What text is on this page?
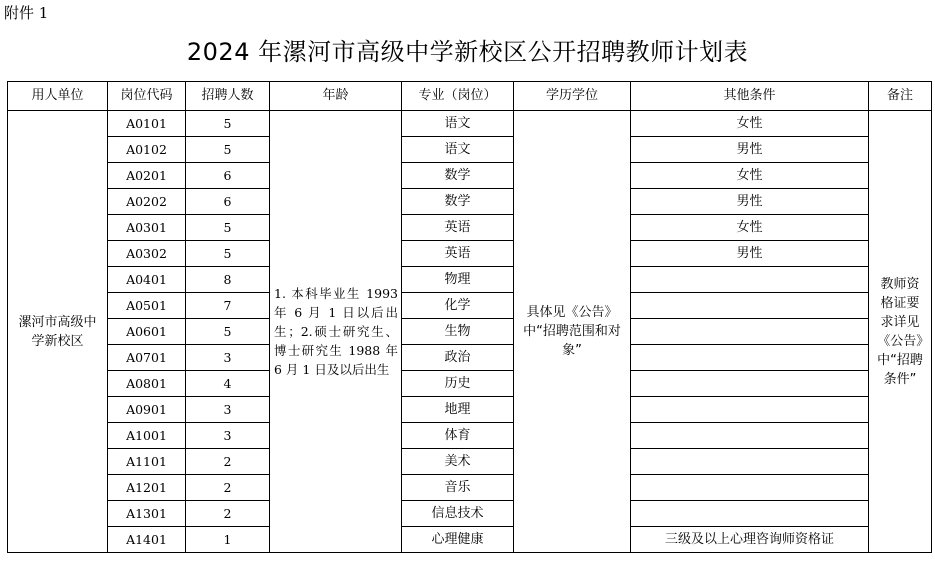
附件 1
2024 年漯河市高级中学新校区公开招聘教师计划表
用人单位	岗位代码	招聘人数	年龄	专业（岗位）	学历学位	其他条件	备注
漯河市高级中学新校区	A0101	5	1. 本科毕业生 1993 年 6 月 1 日以后出生；2.硕士研究生、博士研究生 1988 年 6 月 1 日及以后出生	语文	具体见《公告》中“招聘范围和对象”	女性	教师资格证要求详见《公告》中“招聘条件”
	A0102	5		语文		男性	
	A0201	6		数学		女性	
	A0202	6		数学		男性	
	A0301	5		英语		女性	
	A0302	5		英语		男性	
	A0401	8		物理			
	A0501	7		化学			
	A0601	5		生物			
	A0701	3		政治			
	A0801	4		历史			
	A0901	3		地理			
	A1001	3		体育			
	A1101	2		美术			
	A1201	2		音乐			
	A1301	2		信息技术			
	A1401	1		心理健康		三级及以上心理咨询师资格证	
